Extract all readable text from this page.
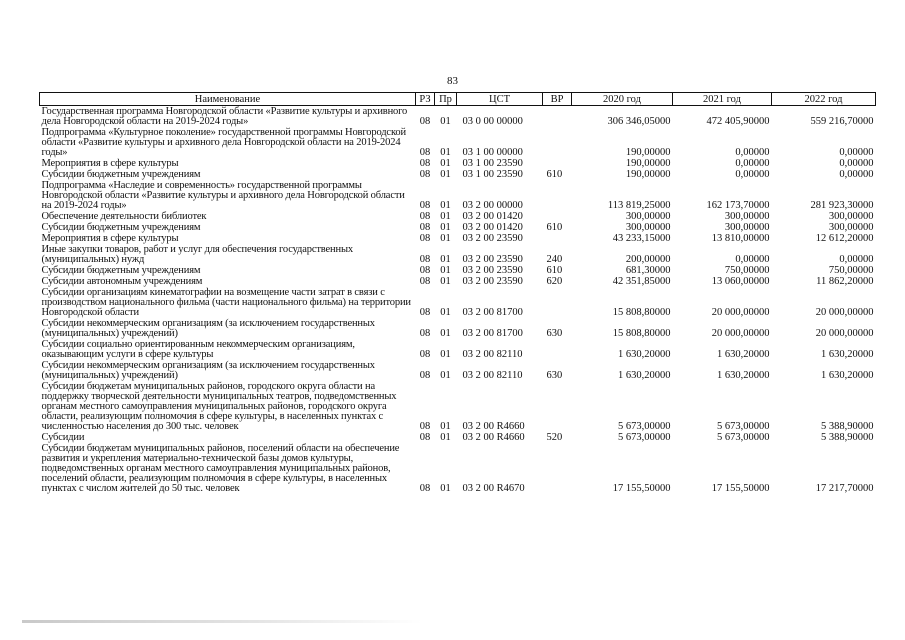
83
Наименование	РЗ	Пр	ЦСТ	ВР	2020 год	2021 год	2022 год
Государственная программа Новгородской области «Развитие культуры и архивного дела Новгородской области на 2019-2024 годы»	08	01	03 0 00 00000		306 346,05000	472 405,90000	559 216,70000
Подпрограмма «Культурное поколение» государственной программы Новгородской области «Развитие культуры и архивного дела Новгородской области на 2019-2024 годы»	08	01	03 1 00 00000		190,00000	0,00000	0,00000
Мероприятия в сфере культуры	08	01	03 1 00 23590		190,00000	0,00000	0,00000
Субсидии бюджетным учреждениям	08	01	03 1 00 23590	610	190,00000	0,00000	0,00000
Подпрограмма «Наследие и современность» государственной программы Новгородской области «Развитие культуры и архивного дела Новгородской области на 2019-2024 годы»	08	01	03 2 00 00000		113 819,25000	162 173,70000	281 923,30000
Обеспечение деятельности библиотек	08	01	03 2 00 01420		300,00000	300,00000	300,00000
Субсидии бюджетным учреждениям	08	01	03 2 00 01420	610	300,00000	300,00000	300,00000
Мероприятия в сфере культуры	08	01	03 2 00 23590		43 233,15000	13 810,00000	12 612,20000
Иные закупки товаров, работ и услуг для обеспечения государственных (муниципальных) нужд	08	01	03 2 00 23590	240	200,00000	0,00000	0,00000
Субсидии бюджетным учреждениям	08	01	03 2 00 23590	610	681,30000	750,00000	750,00000
Субсидии автономным учреждениям	08	01	03 2 00 23590	620	42 351,85000	13 060,00000	11 862,20000
Субсидии организациям кинематографии на возмещение части затрат в связи с производством национального фильма (части национального фильма) на территории Новгородской области	08	01	03 2 00 81700		15 808,80000	20 000,00000	20 000,00000
Субсидии некоммерческим организациям (за исключением государственных (муниципальных) учреждений)	08	01	03 2 00 81700	630	15 808,80000	20 000,00000	20 000,00000
Субсидии социально ориентированным некоммерческим организациям, оказывающим услуги в сфере культуры	08	01	03 2 00 82110		1 630,20000	1 630,20000	1 630,20000
Субсидии некоммерческим организациям (за исключением государственных (муниципальных) учреждений)	08	01	03 2 00 82110	630	1 630,20000	1 630,20000	1 630,20000
Субсидии бюджетам муниципальных районов, городского округа области на поддержку творческой деятельности муниципальных театров, подведомственных органам местного самоуправления муниципальных районов, городского округа области, реализующим полномочия в сфере культуры, в населенных пунктах с численностью населения до 300 тыс. человек	08	01	03 2 00 R4660		5 673,00000	5 673,00000	5 388,90000
Субсидии	08	01	03 2 00 R4660	520	5 673,00000	5 673,00000	5 388,90000
Субсидии бюджетам муниципальных районов, поселений области на обеспечение развития и укрепления материально-технической базы домов культуры, подведомственных органам местного самоуправления муниципальных районов, поселений области, реализующим полномочия в сфере культуры, в населенных пунктах с числом жителей до 50 тыс. человек	08	01	03 2 00 R4670		17 155,50000	17 155,50000	17 217,70000
